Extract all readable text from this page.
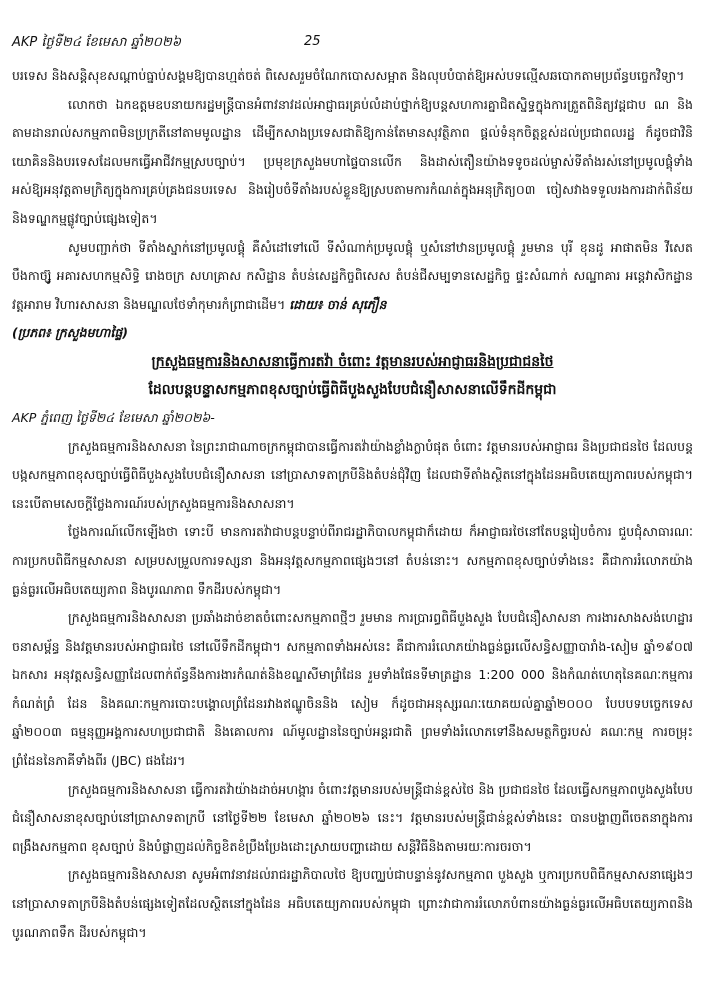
AKP ថ្ងៃទី២៤ ខែមេសា ឆ្នាំ២០២៦	25

បរទេស និងសន្តិសុខសណ្តាប់ធ្នាប់សង្គមឱ្យបានហ្មត់ចត់ ពិសេសរួមចំណែកបោសសម្អាត និងលុបបំបាត់ឱ្យអស់បទល្មើសឆបោកតាមប្រព័ន្ធបច្ចេកវិទ្យា។

លោកថា ឯកឧត្តមឧបនាយករដ្ឋមន្ត្រីបានអំពាវនាវដល់អាជ្ញាធរគ្រប់លំដាប់ថ្នាក់ឱ្យបន្តសហការគ្នាជិតស្និទ្ធក្នុងការត្រួតពិនិត្យវដ្ដជាប ណ និងតាមដានរាល់សកម្មភាពមិនប្រក្រតីនៅតាមមូលដ្ឋាន ដើម្បីកសាងប្រទេសជាតិឱ្យកាន់តែមានសុវត្ថិភាព ផ្ដល់ទំនុកចិត្តខ្ពស់ដល់ប្រជាពលរដ្ឋ ក៏ដូចជាវិនិយោគិននិងបរទេសដែលមកធ្វើអាជីវកម្មស្របច្បាប់។ ប្រមុខក្រសួងមហាផ្ទៃបានលើក និងដាស់តឿនយ៉ាងទទូចដល់ម្ចាស់ទីតាំងរស់នៅប្រមូលផ្តុំទាំងអស់ឱ្យអនុវត្តតាមក្រិត្យក្នុងការគ្រប់គ្រងជនបរទេស និងរៀបចំទីតាំងរបស់ខ្លួនឱ្យស្របតាមការកំណត់ក្នុងអនុក្រិត្យ០៣ ចៀសវាងទទួលរងការដាក់ពិន័យ និងទណ្ឌកម្មផ្លូវច្បាប់ផ្សេងទៀត។

សូមបញ្ជាក់ថា ទីតាំងស្នាក់នៅប្រមូលផ្តុំ គឺសំដៅទៅលើ ទីសំណាក់ប្រមូលផ្តុំ ឬសំនៅឋានប្រមូលផ្តុំ រួមមាន បុរី ខុនដូ អាផាតមិន វីសេត បឹងកាច្ស៊ូ អគារសហកម្មសិទ្ធិ រោងចក្រ សហគ្រាស កសិដ្ឋាន តំបន់សេដ្ឋកិច្ចពិសេស តំបន់ជីសម្បទានសេដ្ឋកិច្ច ផ្ទះសំណាក់ សណ្ឋាគារ អន្តេវាសិកដ្ឋាន វត្តអារាម វិហារសាសនា និងមណ្ឌលថែទាំកុមារកំព្រាជាដើម។ ដោយ៖ ចាន់ សុភឿន

(ប្រភព៖ ក្រសួងមហាផ្ទៃ)

ក្រសួងធម្មការនិងសាសនាធ្វើការតវ៉ា ចំពោះ វត្តមានរបស់អាជ្ញាធរនិងប្រជាជនថៃ

ដែលបន្តបន្ទាសកម្មភាពខុសច្បាប់ធ្វើពិធីបួងសួងបែបជំនឿសាសនាលើទឹកដីកម្ពុជា

AKP ភ្នំពេញ ថ្ងៃទី២៤ ខែមេសា ឆ្នាំ២០២៦-

ក្រសួងធម្មការនិងសាសនា នៃព្រះរាជាណាចក្រកម្ពុជាបានធ្វើការតវ៉ាយ៉ាងខ្លាំងក្លាបំផុត ចំពោះ វត្តមានរបស់អាជ្ញាធរ និងប្រជាជនថៃ ដែលបន្តបង្កសកម្មភាពខុសច្បាប់ធ្វើពិធីបួងសួងបែបជំនឿសាសនា នៅប្រាសាទតាក្របីនិងតំបន់ជុំវិញ ដែលជាទីតាំងស្ថិតនៅក្នុងដែនអធិបតេយ្យភាពរបស់កម្ពុជា។ នេះបើតាមសេចក្តីថ្លែងការណ៍របស់ក្រសួងធម្មការនិងសាសនា។

ថ្លែងការណ៍លើកឡើងថា ទោះបី មានការតវ៉ាជាបន្តបន្ទាប់ពីរាជរដ្ឋាភិបាលកម្ពុជាក៏ដោយ ក៏អាជ្ញាធរថៃនៅតែបន្តរៀបចំការ ជួបជុំសាធារណៈ ការប្រកបពិធីកម្មសាសនា សម្របសម្រួលការទស្សនា និងអនុវត្តសកម្មភាពផ្សេងៗនៅ តំបន់នោះ។ សកម្មភាពខុសច្បាប់ទាំងនេះ គឺជាការរំលោភយ៉ាងធ្ងន់ធ្ងរលើអធិបតេយ្យភាព និងបូរណភាព ទឹកដីរបស់កម្ពុជា។

ក្រសួងធម្មការនិងសាសនា ប្រឆាំងដាច់ខាតចំពោះសកម្មភាពថ្មីៗ រួមមាន ការប្រារព្ធពិធីបួងសួង បែបជំនឿសាសនា ការងារសាងសង់ហេដ្ឋារ ចនាសម្ព័ន្ធ និងវត្តមានរបស់អាជ្ញាធរថៃ នៅលើទឹកដីកម្ពុជា។ សកម្មភាពទាំងអស់នេះ គឺជាការរំលោភយ៉ាងធ្ងន់ធ្ងរលើសន្ធិសញ្ញាបារាំង-សៀម ឆ្នាំ១៩០៧ ឯកសារ អនុវត្តសន្ធិសញ្ញាដែលពាក់ព័ន្ធនឹងការងារកំណត់និងខណ្ឌសីមាព្រំដែន រួមទាំងផែនទីមាត្រដ្ឋាន 1:200 000 និងកំណត់ហេតុនៃគណៈកម្មការកំណត់ព្រំ ដែន និងគណៈកម្មការបោះបង្គោលព្រំដែនរវាងឥណ្ឌូចិននិង សៀម ក៏ដូចជាអនុស្សរណៈយោគយល់គ្នាឆ្នាំ២០០០ បែបបទបច្ចេកទេស ឆ្នាំ២០០៣ ធម្មនុញ្ញអង្គការសហប្រជាជាតិ និងគោលការ ណ៍មូលដ្ឋាននៃច្បាប់អន្តរជាតិ ព្រមទាំងរំលោភទៅនឹងសមត្ថកិច្ចរបស់ គណៈកម្ម ការចម្រុះព្រំដែននៃភាគីទាំងពីរ (JBC) ផងដែរ។

ក្រសួងធម្មការនិងសាសនា ធ្វើការតវ៉ាយ៉ាងដាច់អហង្ការ ចំពោះវត្តមានរបស់មន្ត្រីជាន់ខ្ពស់ថៃ និង ប្រជាជនថៃ ដែលធ្វើសកម្មភាពបួងសួងបែបជំនឿសាសនាខុសច្បាប់នៅប្រាសាទតាក្របី នៅថ្ងៃទី២២ ខែមេសា ឆ្នាំ២០២៦ នេះ។ វត្តមានរបស់មន្ត្រីជាន់ខ្ពស់ទាំងនេះ បានបង្ហាញពីចេតនាក្នុងការពង្រឹងសកម្មភាព ខុសច្បាប់ និងបំផ្លាញដល់កិច្ចខិតខំប្រឹងប្រែងដោះស្រាយបញ្ហាដោយ សន្តិវិធីនិងតាមរយៈការចរចា។

ក្រសួងធម្មការនិងសាសនា សូមអំពាវនាវដល់រាជរដ្ឋាភិបាលថៃ ឱ្យបញ្ឈប់ជាបន្ទាន់នូវសកម្មភាព បួងសួង ឬការប្រកបពិធីកម្មសាសនាផ្សេងៗ នៅប្រាសាទតាក្របីនិងតំបន់ផ្សេងទៀតដែលស្ថិតនៅក្នុងដែន អធិបតេយ្យភាពរបស់កម្ពុជា ព្រោះវាជាការរំលោភបំពានយ៉ាងធ្ងន់ធ្ងរលើអធិបតេយ្យភាពនិងបូរណភាពទឹក ដីរបស់កម្ពុជា។
